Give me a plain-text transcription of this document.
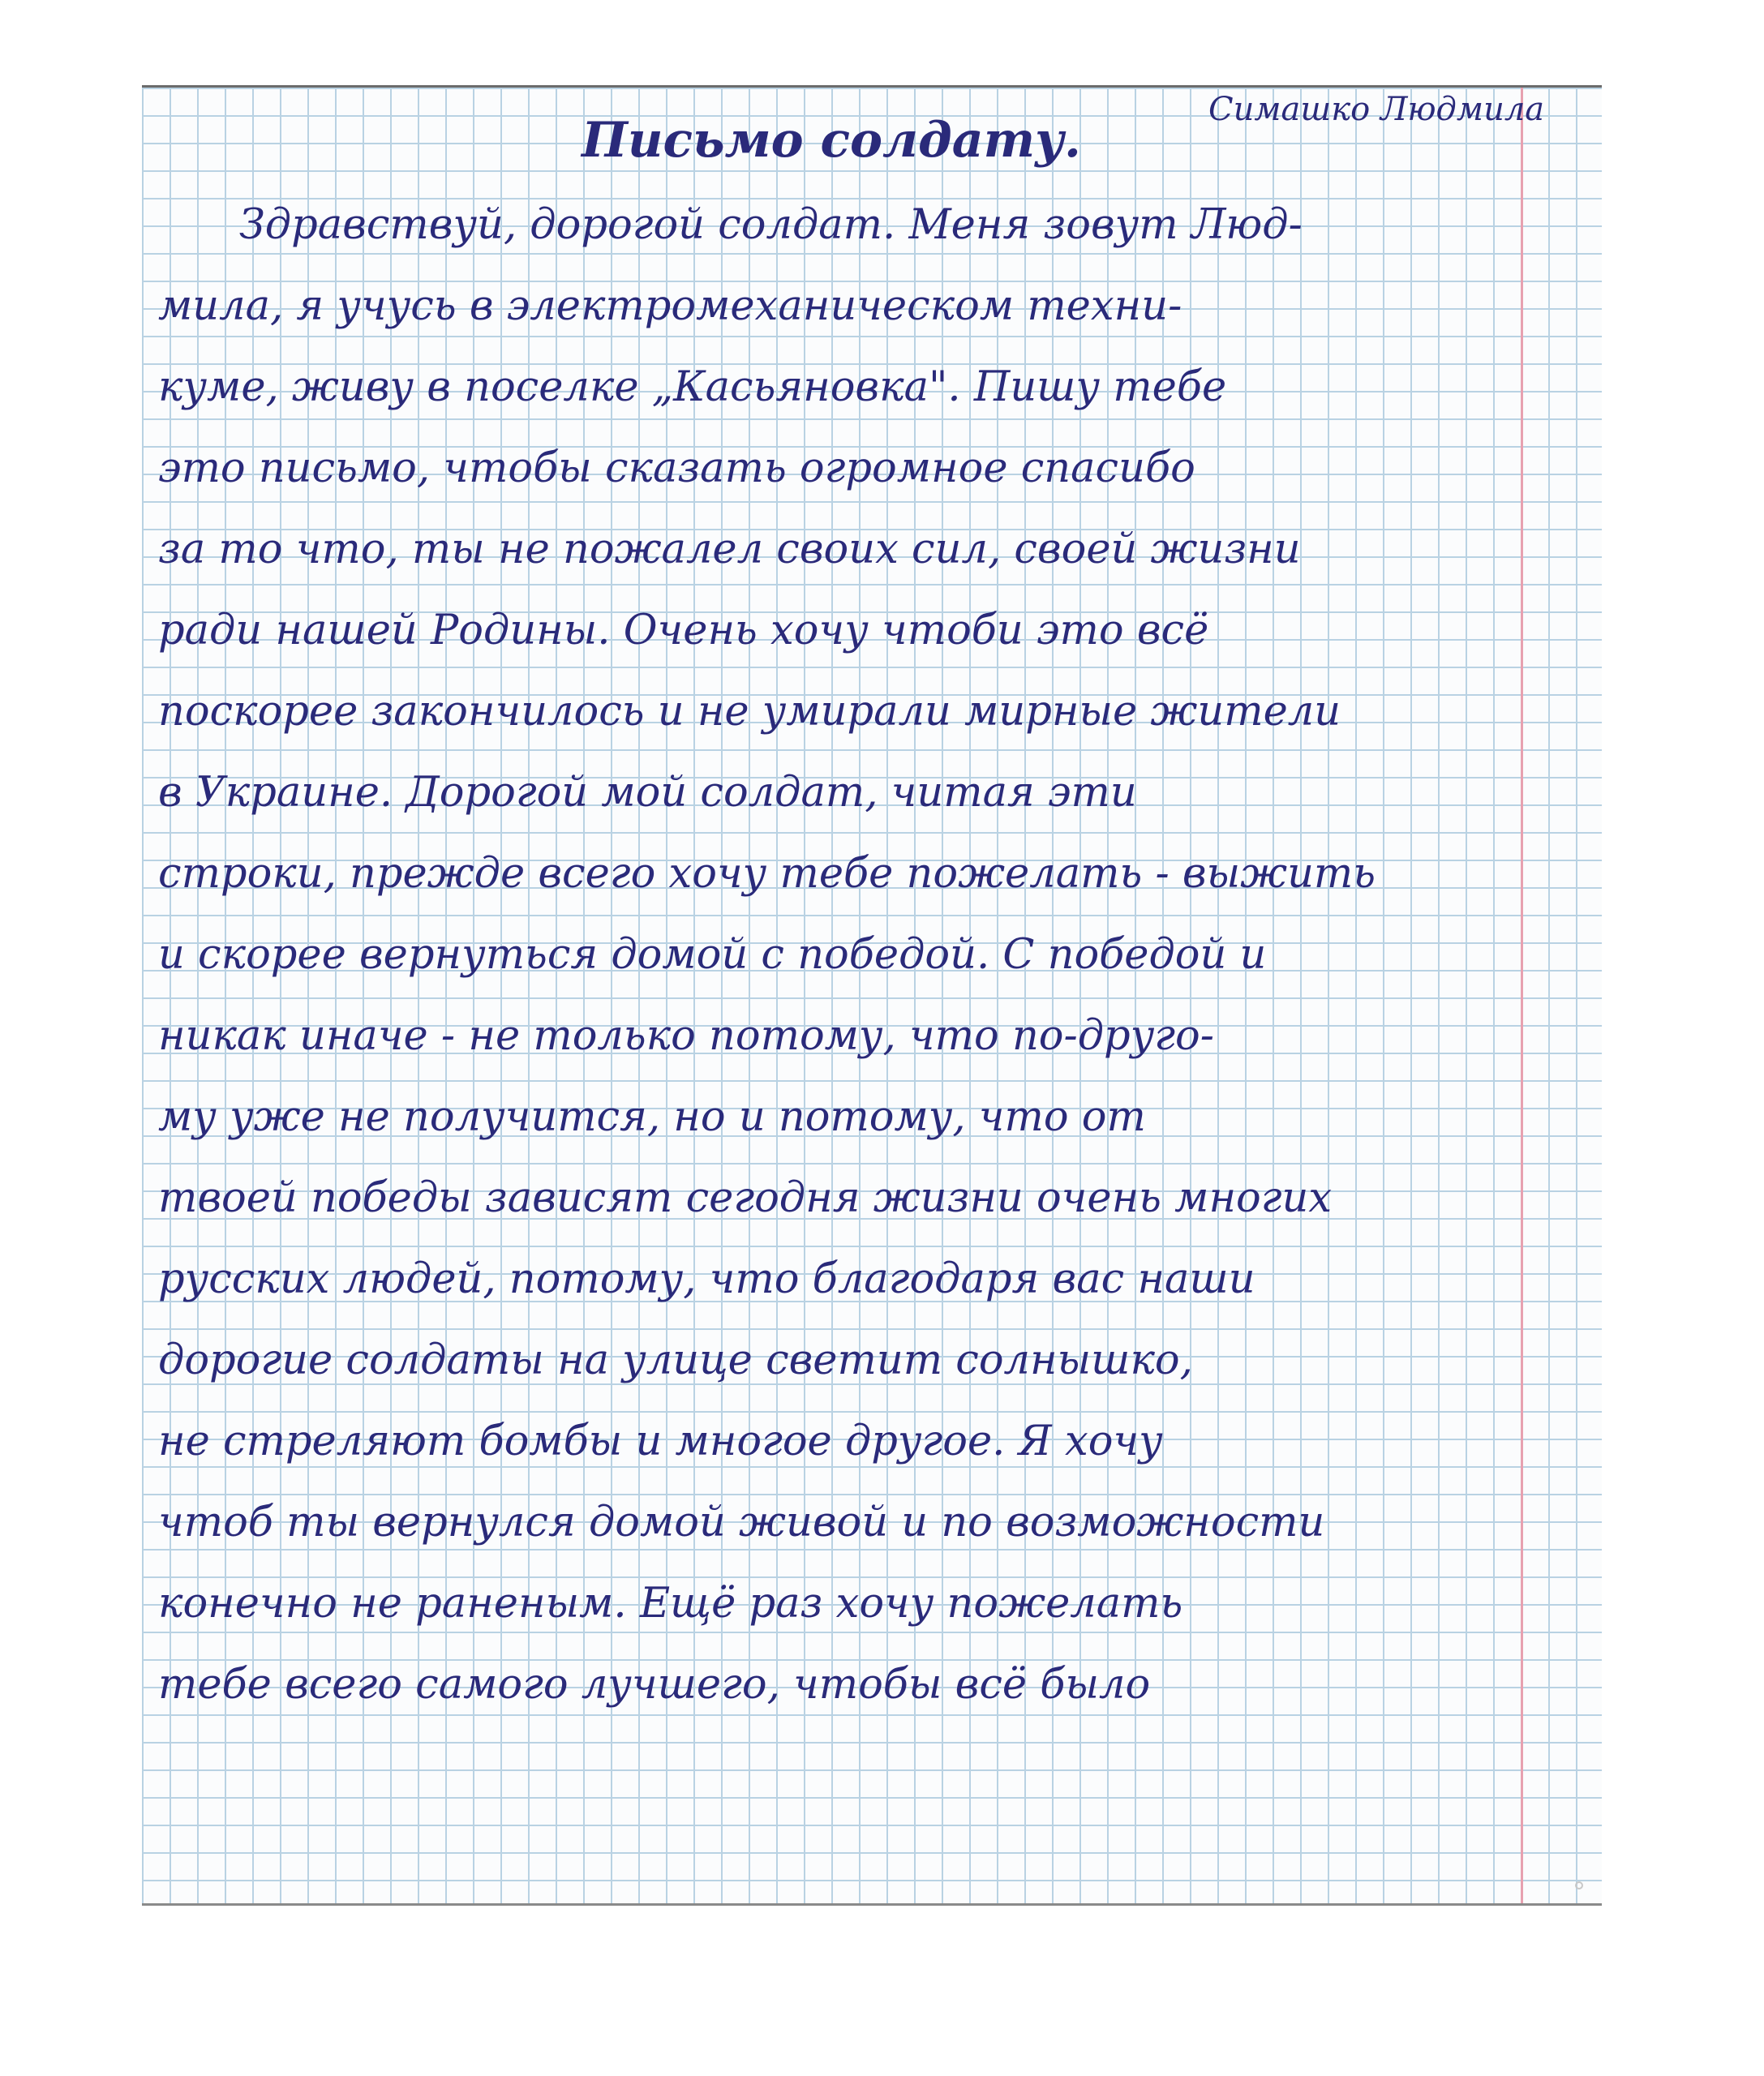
Симашко Людмила

Письмо солдату.
Здравствуй, дорогой солдат. Меня зовут Люд-
мила, я учусь в электромеханическом техни-
куме, живу в поселке „Касьяновка". Пишу тебе
это письмо, чтобы сказать огромное спасибо
за то что, ты не пожалел своих сил, своей жизни
ради нашей Родины. Очень хочу чтоби это всё
поскорее закончилось и не умирали мирные жители
в Украине. Дорогой мой солдат, читая эти
строки, прежде всего хочу тебе пожелать - выжить
и скорее вернуться домой с победой. С победой и
никак иначе - не только потому, что по-друго-
му уже не получится, но и потому, что от
твоей победы зависят сегодня жизни очень многих
русских людей, потому, что благодаря вас наши
дорогие солдаты на улице светит солнышко,
не стреляют бомбы и многое другое. Я хочу
чтоб ты вернулся домой живой и по возможности
конечно не раненым. Ещё раз хочу пожелать
тебе всего самого лучшего, чтобы всё было
